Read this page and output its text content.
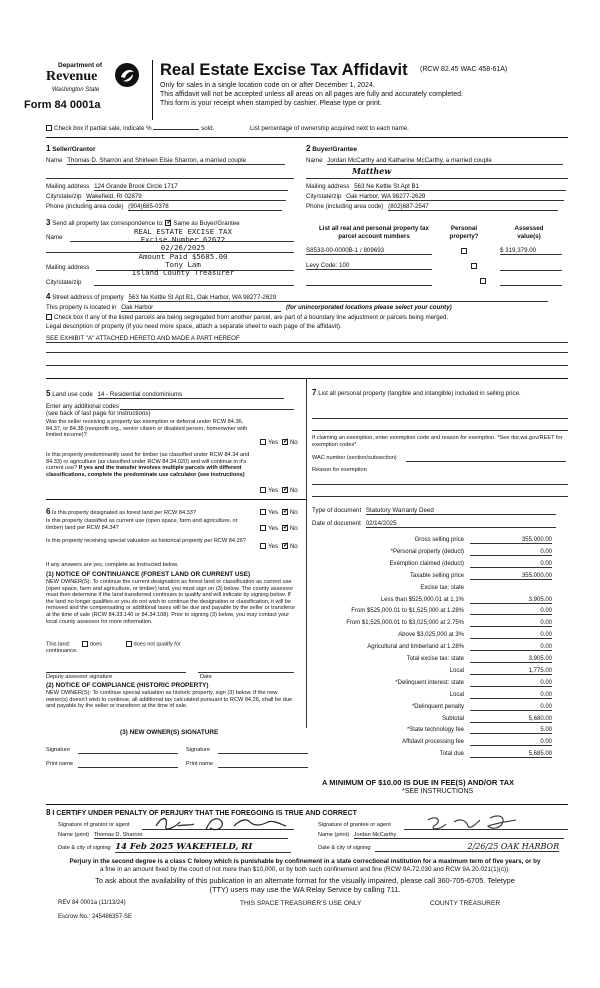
Department of
Revenue
Washington State
Form 84 0001a
Real Estate Excise Tax Affidavit (RCW 82.45 WAC 458-61A)
Only for sales in a single location code on or after December 1, 2024.
This affidavit will not be accepted unless all areas on all pages are fully and accurately completed.
This form is your receipt when stamped by cashier. Please type or print.
Check box if partial sale, indicate %	sold.	List percentage of ownership acquired next to each name.
1 Seller/Grantor
Name Thomas D. Sharron and Shirleen Elsie Sharron, a married couple
Mailing address 124 Grande Brook Circle 1717
City/state/zip Wakefield, RI 02879
Phone (including area code) (904)685-0378
2 Buyer/Grantee
Name Jordan McCarthy and Katharine McCarthy, a married couple
Matthew
Mailing address 563 Ne Kettle St Apt B1
City/state/zip Oak Harbor, WA 98277-2629
Phone (including area code) (802)687-2547
3 Send all property tax correspondence to: ✓ Same as Buyer/Grantee
Name
Mailing address
City/state/zip
REAL ESTATE EXCISE TAX
Excise Number 62672
02/26/2025
Amount Paid $5685.00
Tony Lam
Island County Treasurer
List all real and personal property tax
parcel account numbers
Personal
property?
Assessed
value(s)
S8533-00-0000B-1 / 809693
	$ 319,379.00
Levy Code: 100

4 Street address of property 563 Ne Kettle St Apt B1, Oak Harbor, WA 98277-2629
This property is located in Oak Harbor	(for unincorporated locations please select your county)
Check box if any of the listed parcels are being segregated from another parcel, are part of a boundary line adjustment or parcels being merged.
Legal description of property (if you need more space, attach a separate sheet to each page of the affidavit).
SEE EXHIBIT "A" ATTACHED HERETO AND MADE A PART HEREOF
5 Land use code 14 - Residential condominiums
Enter any additional codes
(see back of last page for instructions)
Was the seller receiving a property tax exemption or deferral under RCW 84.36, 84.37, or 84.38 (nonprofit org., senior citizen or disabled person, homeowner with limited income)?
Yes ✓ No
Is this property predominantly used for timber (as classified under RCW 84.34 and 84.33) or agriculture (as classified under RCW 84.34.020) and will continue in it's current use? If yes and the transfer involves multiple parcels with different classifications, complete the predominate use calculator (see instructions)
Yes ✓ No
7 List all personal property (tangible and intangible) included in selling price.
If claiming an exemption, enter exemption code and reason for exemption. *See dor.wa.gov/REET for exemption codes*
WAC number (section/subsection)
Reason for exemption
6 Is this property designated as forest land per RCW 84.33?	Yes ✓ No
Is this property classified as current use (open space, farm and agriculture, or timber) land per RCW 84.34?	Yes ✓ No
Is this property receiving special valuation as historical property per RCW 84.26?
Yes ✓ No
If any answers are yes, complete as instructed below.
(1) NOTICE OF CONTINUANCE (FOREST LAND OR CURRENT USE)
NEW OWNER(S): To continue the current designation as forest land or classification as current use (open space, farm and agriculture, or timber) land, you must sign on (3) below. The county assessor must then determine if the land transferred continues to qualify and will indicate by signing below. If the land no longer qualifies or you do not wish to continue the designation or classification, it will be removed and the compensating or additional taxes will be due and payable by the seller or transferor at the time of sale (RCW 84.33.140 or 84.34.108). Prior to signing (3) below, you may contact your local county assessor for more information.
This land:	does	does not qualify for
continuance.
Deputy assessor signature	Date
(2) NOTICE OF COMPLIANCE (HISTORIC PROPERTY)
NEW OWNER(S): To continue special valuation as historic property, sign (3) below. If the new owner(s) doesn't wish to continue, all additional tax calculated pursuant to RCW 84.26, shall be due and payable by the seller or transferor at the time of sale.
(3) NEW OWNER(S) SIGNATURE
Signature	Signature
Print name	Print name
Type of document Statutory Warranty Deed
Date of document 02/14/2025
Gross selling price	355,000.00
*Personal property (deduct)	0.00
Exemption claimed (deduct)	0.00
Taxable selling price	355,000.00
Excise tax: state
Less than $525,000.01 at 1.1%	3,905.00
From $525,000.01 to $1,525,000 at 1.28%	0.00
From $1,525,000.01 to $3,025,000 at 2.75%	0.00
Above $3,025,000 at 3%	0.00
Agricultural and timberland at 1.28%	0.00
Total excise tax: state	3,905.00
Local	1,775.00
*Delinquent interest: state	0.00
Local	0.00
*Delinquent penalty	0.00
Subtotal	5,680.00
*State technology fee	5.00
Affidavit processing fee	0.00
Total due	5,685.00
A MINIMUM OF $10.00 IS DUE IN FEE(S) AND/OR TAX
*SEE INSTRUCTIONS
8 I CERTIFY UNDER PENALTY OF PERJURY THAT THE FOREGOING IS TRUE AND CORRECT
Signature of grantor or agent
Name (print) Thomas D. Sharron
Date & city of signing 14 Feb 2025 WAKEFIELD, RI
Signature of grantee or agent
Name (print) Jordan McCarthy
Date & city of signing	2/26/25 OAK HARBOR
Perjury in the second degree is a class C felony which is punishable by confinement in a state correctional institution for a maximum term of five years, or by
a fine in an amount fixed by the court of not more than $10,000, or by both such confinement and fine (RCW 9A.72.030 and RCW 9A.20.021(1)(c)).
To ask about the availability of this publication in an alternate format for the visually impaired, please call 360-705-6705. Teletype
(TTY) users may use the WA Relay Service by calling 711.
REV 84 0001a (11/13/24)	THIS SPACE TREASURER'S USE ONLY	COUNTY TREASURER
Escrow No.: 245486357-SE
